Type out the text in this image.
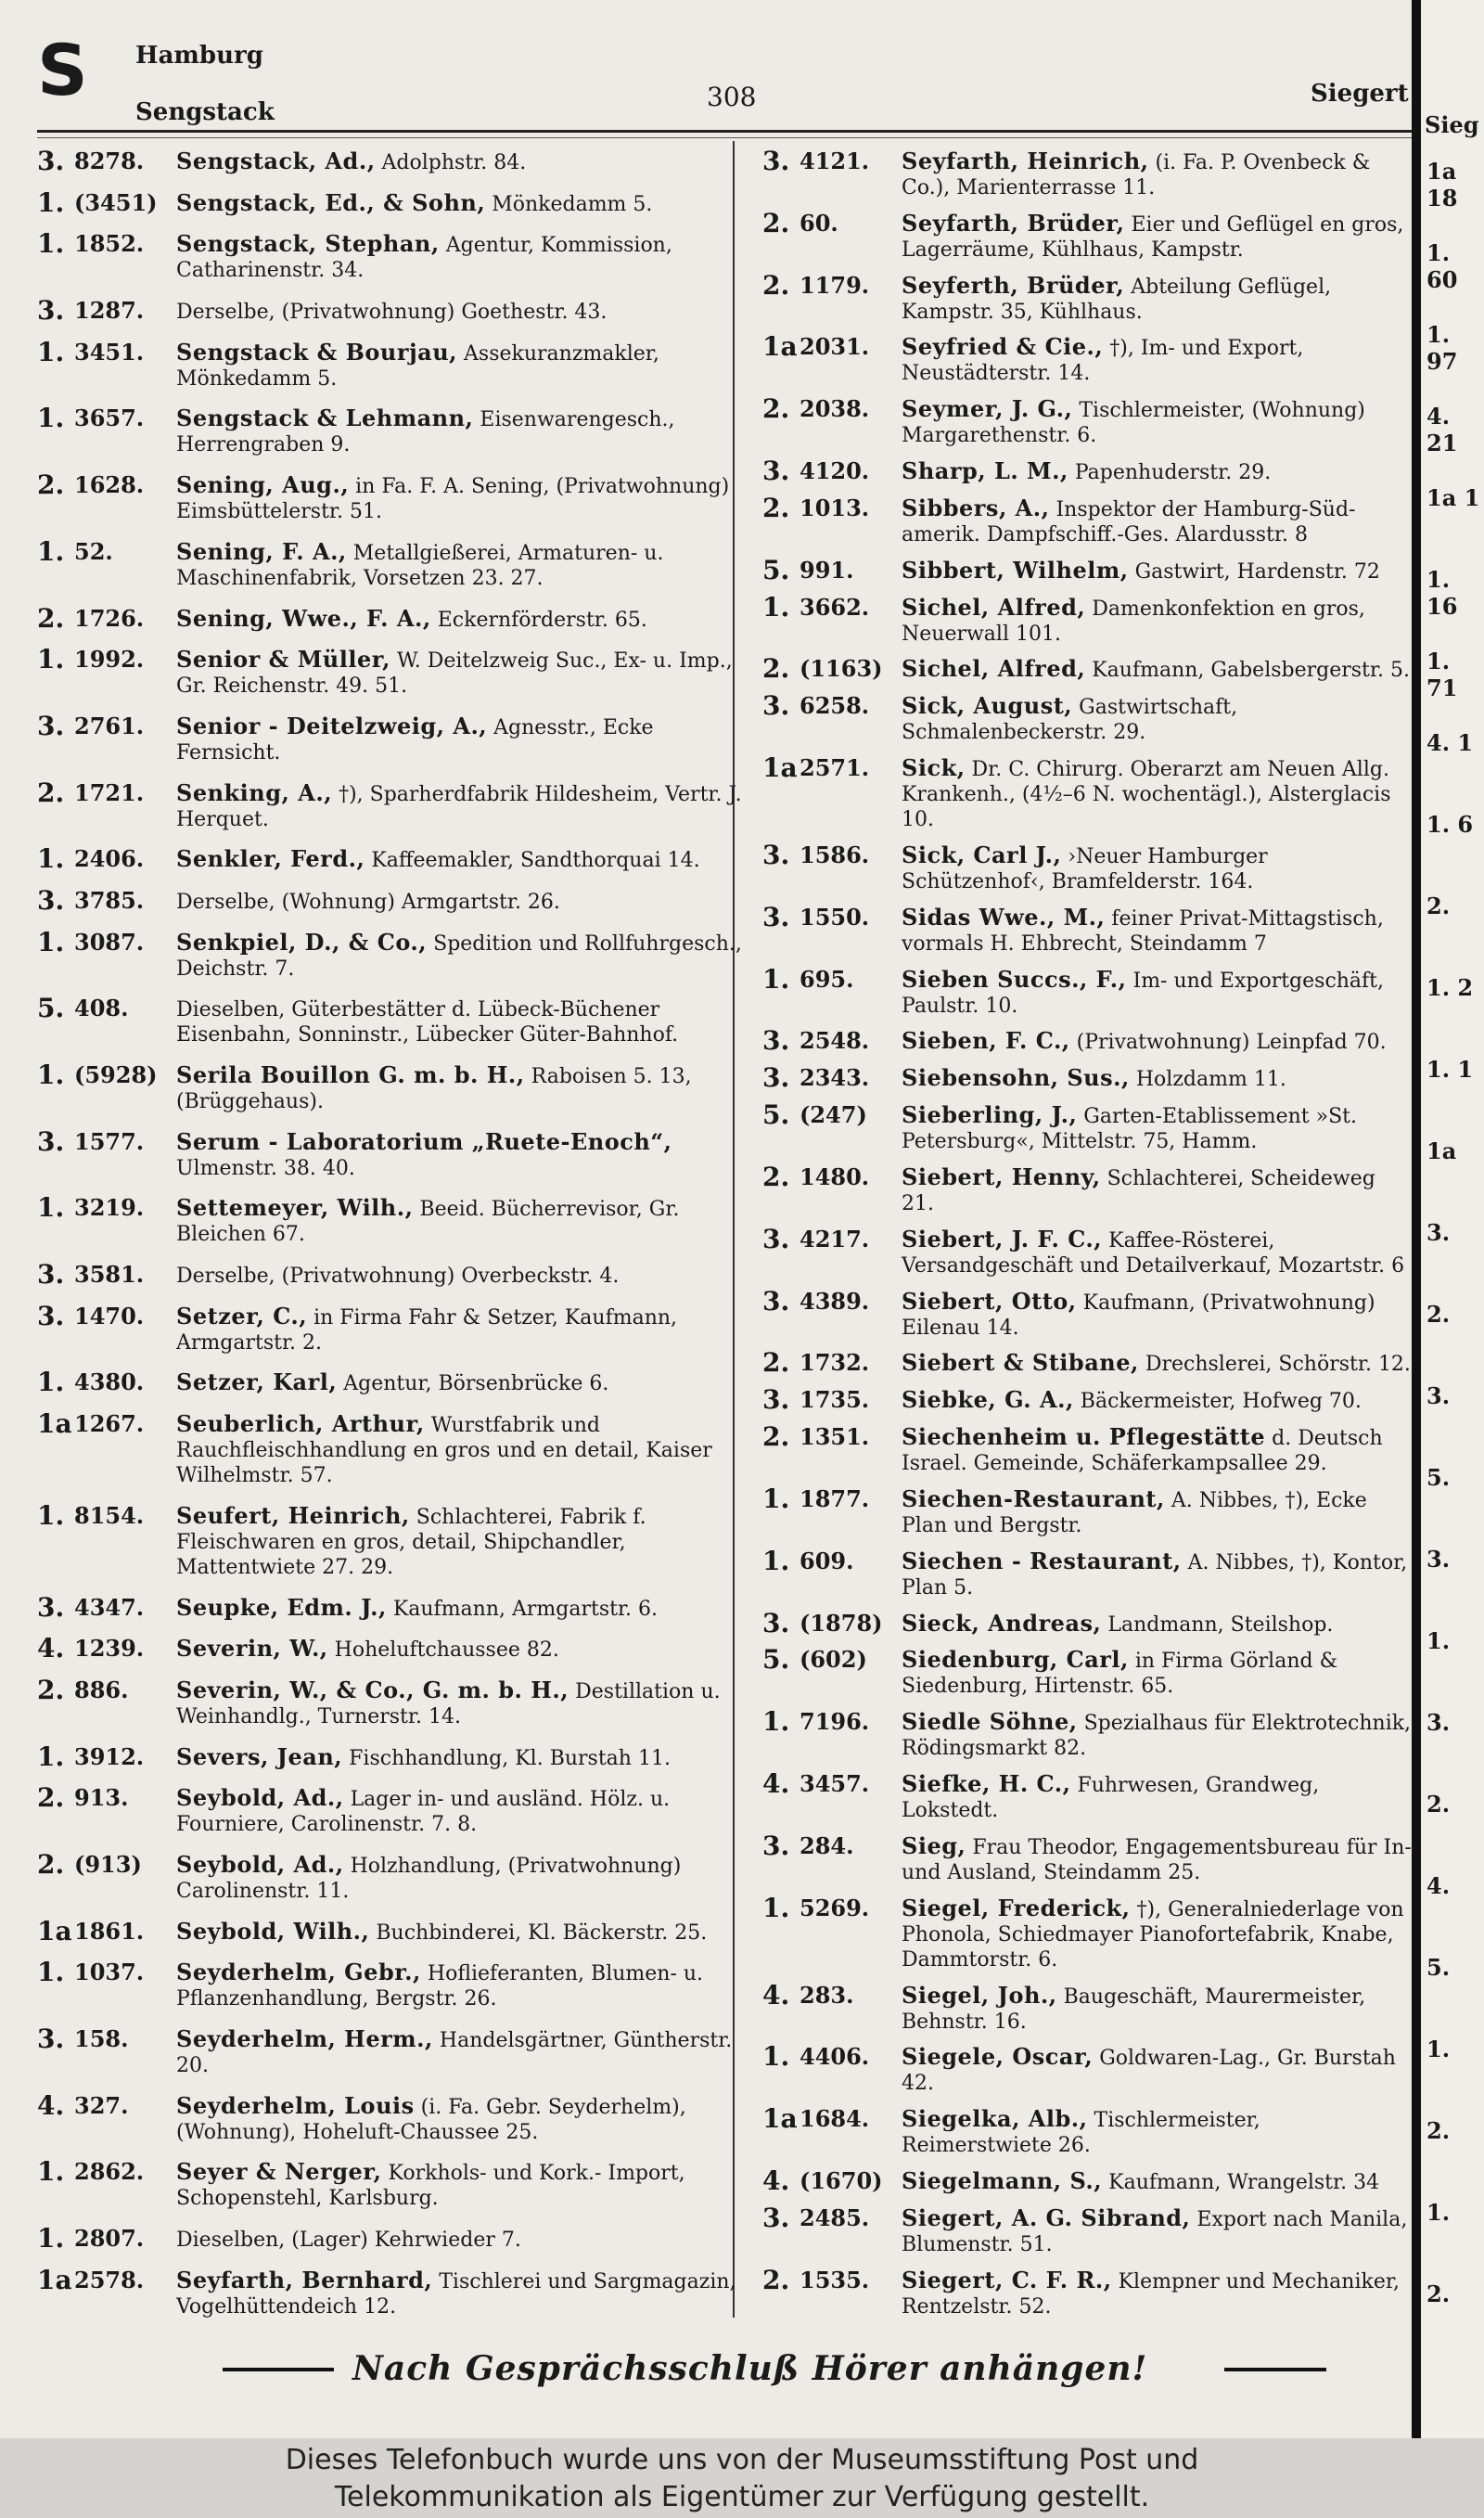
S Hamburg
Sengstack	308	Siegert
3. 8278.	Sengstack, Ad., Adolphstr. 84.
1. (3451) Sengstack, Ed., & Sohn, Mönkedamm 5.
1. 1852.	Sengstack, Stephan, Agentur, Kommission, Catharinenstr. 34.
3. 1287.	Derselbe, (Privatwohnung) Goethestr. 43.
1. 3451.	Sengstack & Bourjau, Assekuranzmakler, Mönkedamm 5.
1. 3657.	Sengstack & Lehmann, Eisenwarengesch., Herrengraben 9.
2. 1628.	Sening, Aug., in Fa. F. A. Sening, (Privatwohnung) Eimsbüttelerstr. 51.
1. 52.	Sening, F. A., Metallgießerei, Armaturen- u. Maschinenfabrik, Vorsetzen 23. 27.
2. 1726.	Sening, Wwe., F. A., Eckernförderstr. 65.
1. 1992.	Senior & Müller, W. Deitelzweig Suc., Ex- u. Imp., Gr. Reichenstr. 49. 51.
3. 2761.	Senior - Deitelzweig, A., Agnesstr., Ecke Fernsicht.
2. 1721.	Senking, A., †), Sparherdfabrik Hildesheim, Vertr. J. Herquet.
1. 2406.	Senkler, Ferd., Kaffeemakler, Sandthorquai 14.
3. 3785.	Derselbe, (Wohnung) Armgartstr. 26.
1. 3087.	Senkpiel, D., & Co., Spedition und Rollfuhrgesch., Deichstr. 7.
5. 408.	Dieselben, Güterbestätter d. Lübeck-Büchener Eisenbahn, Sonninstr., Lübecker Güter-Bahnhof.
1. (5928) Serila Bouillon G. m. b. H., Raboisen 5. 13, (Brüggehaus).
3. 1577.	Serum - Laboratorium „Ruete-Enoch“, Ulmenstr. 38. 40.
1. 3219.	Settemeyer, Wilh., Beeid. Bücherrevisor, Gr. Bleichen 67.
3. 3581.	Derselbe, (Privatwohnung) Overbeckstr. 4.
3. 1470.	Setzer, C., in Firma Fahr & Setzer, Kaufmann, Armgartstr. 2.
1. 4380.	Setzer, Karl, Agentur, Börsenbrücke 6.
1a 1267.	Seuberlich, Arthur, Wurstfabrik und Rauchfleischhandlung en gros und en detail, Kaiser Wilhelmstr. 57.
1. 8154.	Seufert, Heinrich, Schlachterei, Fabrik f. Fleischwaren en gros, detail, Shipchandler, Mattentwiete 27. 29.
3. 4347.	Seupke, Edm. J., Kaufmann, Armgartstr. 6.
4. 1239.	Severin, W., Hoheluftchaussee 82.
2. 886.	Severin, W., & Co., G. m. b. H., Destillation u. Weinhandlg., Turnerstr. 14.
1. 3912.	Severs, Jean, Fischhandlung, Kl. Burstah 11.
2. 913.	Seybold, Ad., Lager in- und ausländ. Hölz. u. Fourniere, Carolinenstr. 7. 8.
2. (913)	Seybold, Ad., Holzhandlung, (Privatwohnung) Carolinenstr. 11.
1a 1861.	Seybold, Wilh., Buchbinderei, Kl. Bäckerstr. 25.
1. 1037.	Seyderhelm, Gebr., Hoflieferanten, Blumen- u. Pflanzenhandlung, Bergstr. 26.
3. 158.	Seyderhelm, Herm., Handelsgärtner, Güntherstr. 20.
4. 327.	Seyderhelm, Louis (i. Fa. Gebr. Seyderhelm), (Wohnung), Hoheluft-Chaussee 25.
1. 2862.	Seyer & Nerger, Korkhols- und Kork.- Import, Schopenstehl, Karlsburg.
1. 2807.	Dieselben, (Lager) Kehrwieder 7.
1a 2578.	Seyfarth, Bernhard, Tischlerei und Sargmagazin, Vogelhüttendeich 12.
3. 4121.	Seyfarth, Heinrich, (i. Fa. P. Ovenbeck & Co.), Marienterrasse 11.
2. 60.	Seyfarth, Brüder, Eier und Geflügel en gros, Lagerräume, Kühlhaus, Kampstr.
2. 1179.	Seyferth, Brüder, Abteilung Geflügel, Kampstr. 35, Kühlhaus.
1a 2031.	Seyfried & Cie., †), Im- und Export, Neustädterstr. 14.
2. 2038.	Seymer, J. G., Tischlermeister, (Wohnung) Margarethenstr. 6.
3. 4120.	Sharp, L. M., Papenhuderstr. 29.
2. 1013.	Sibbers, A., Inspektor der Hamburg-Süd-amerik. Dampfschiff.-Ges. Alardusstr. 8
5. 991.	Sibbert, Wilhelm, Gastwirt, Hardenstr. 72
1. 3662.	Sichel, Alfred, Damenkonfektion en gros, Neuerwall 101.
2. (1163) Sichel, Alfred, Kaufmann, Gabelsbergerstr. 5.
3. 6258.	Sick, August, Gastwirtschaft, Schmalenbeckerstr. 29.
1a 2571.	Sick, Dr. C. Chirurg. Oberarzt am Neuen Allg. Krankenh., (4½–6 N. wochentägl.), Alsterglacis 10.
3. 1586.	Sick, Carl J., ›Neuer Hamburger Schützenhof‹, Bramfelderstr. 164.
3. 1550.	Sidas Wwe., M., feiner Privat-Mittagstisch, vormals H. Ehbrecht, Steindamm 7
1. 695.	Sieben Succs., F., Im- und Exportgeschäft, Paulstr. 10.
3. 2548.	Sieben, F. C., (Privatwohnung) Leinpfad 70.
3. 2343.	Siebensohn, Sus., Holzdamm 11.
5. (247)	Sieberling, J., Garten-Etablissement »St. Petersburg«, Mittelstr. 75, Hamm.
2. 1480.	Siebert, Henny, Schlachterei, Scheideweg 21.
3. 4217.	Siebert, J. F. C., Kaffee-Rösterei, Versandgeschäft und Detailverkauf, Mozartstr. 6
3. 4389.	Siebert, Otto, Kaufmann, (Privatwohnung) Eilenau 14.
2. 1732.	Siebert & Stibane, Drechslerei, Schörstr. 12.
3. 1735.	Siebke, G. A., Bäckermeister, Hofweg 70.
2. 1351.	Siechenheim u. Pflegestätte d. Deutsch Israel. Gemeinde, Schäferkampsallee 29.
1. 1877.	Siechen-Restaurant, A. Nibbes, †), Ecke Plan und Bergstr.
1. 609.	Siechen - Restaurant, A. Nibbes, †), Kontor, Plan 5.
3. (1878) Sieck, Andreas, Landmann, Steilshop.
5. (602)	Siedenburg, Carl, in Firma Görland & Siedenburg, Hirtenstr. 65.
1. 7196.	Siedle Söhne, Spezialhaus für Elektrotechnik, Rödingsmarkt 82.
4. 3457.	Siefke, H. C., Fuhrwesen, Grandweg, Lokstedt.
3. 284.	Sieg, Frau Theodor, Engagementsbureau für In- und Ausland, Steindamm 25.
1. 5269.	Siegel, Frederick, †), Generalniederlage von Phonola, Schiedmayer Pianofortefabrik, Knabe, Dammtorstr. 6.
4. 283.	Siegel, Joh., Baugeschäft, Maurermeister, Behnstr. 16.
1. 4406.	Siegele, Oscar, Goldwaren-Lag., Gr. Burstah 42.
1a 1684.	Siegelka, Alb., Tischlermeister, Reimerstwiete 26.
4. (1670) Siegelmann, S., Kaufmann, Wrangelstr. 34
3. 2485.	Siegert, A. G. Sibrand, Export nach Manila, Blumenstr. 51.
2. 1535.	Siegert, C. F. R., Klempner und Mechaniker, Rentzelstr. 52.
Nach Gesprächsschluß Hörer anhängen!
Sieg
1a 18
1. 60
1. 97
4. 21
1a 1
1. 16
1. 71
4. 1
1. 6
2.
1. 2
1. 1
1a
3.
2.
3.
5.
3.
1.
3.
2.
4.
5.
1.
2.
1.
2.
Dieses Telefonbuch wurde uns von der Museumsstiftung Post und
Telekommunikation als Eigentümer zur Verfügung gestellt.
